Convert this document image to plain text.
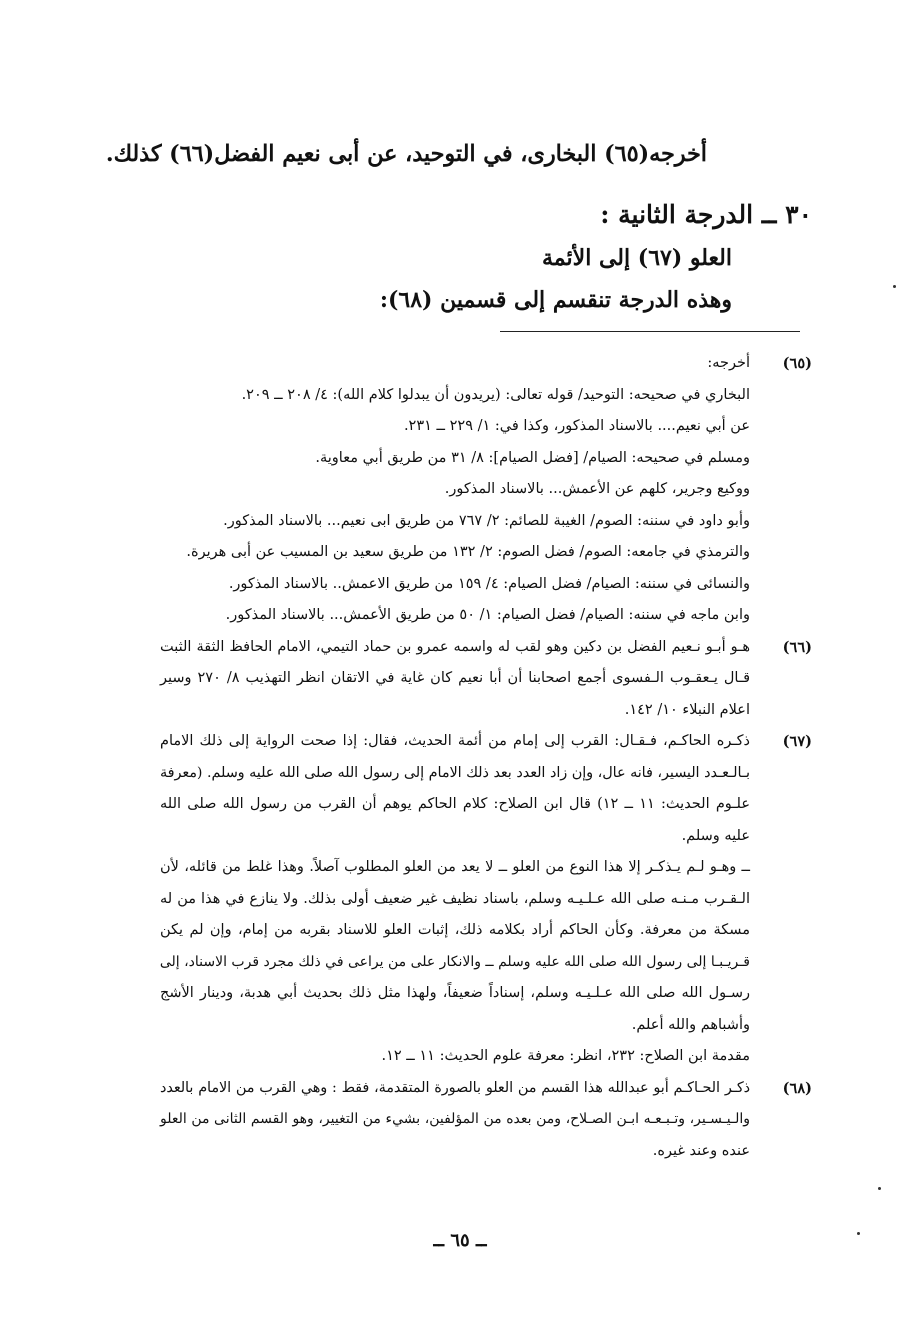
أخرجه(٦٥) البخارى، في التوحيد، عن أبى نعيم الفضل(٦٦) كذلك.
٣٠ ــ الدرجة الثانية :
العلو (٦٧) إلى الأئمة
وهذه الدرجة تنقسم إلى قسمين (٦٨):
(٦٥)
أخرجه:
البخاري في صحيحه: التوحيد/ قوله تعالى: (يريدون أن يبدلوا كلام الله): ٤/ ٢٠٨ ــ ٢٠٩.
عن أبي نعيم.... بالاسناد المذكور، وكذا في: ١/ ٢٢٩ ــ ٢٣١.
ومسلم في صحيحه: الصيام/ [فضل الصيام]: ٨/ ٣١ من طريق أبي معاوية.
ووكيع وجرير، كلهم عن الأعمش... بالاسناد المذكور.
وأبو داود في سننه: الصوم/ الغيبة للصائم: ٢/ ٧٦٧ من طريق ابى نعيم... بالاسناد المذكور.
والترمذي في جامعه: الصوم/ فضل الصوم: ٢/ ١٣٢ من طريق سعيد بن المسيب عن أبى هريرة.
والنسائى في سننه: الصيام/ فضل الصيام: ٤/ ١٥٩ من طريق الاعمش.. بالاسناد المذكور.
وابن ماجه في سننه: الصيام/ فضل الصيام: ١/ ٥٠ من طريق الأعمش... بالاسناد المذكور.
(٦٦)
هـو أبـو نـعيم الفضل بن دكين وهو لقب له واسمه عمرو بن حماد التيمي، الامام الحافظ الثقة الثبت
قـال يـعقـوب الـفسوى أجمع اصحابنا أن أبا نعيم كان غاية في الاتقان انظر التهذيب ٨/ ٢٧٠ وسير
اعلام النبلاء ١٠/ ١٤٢.
(٦٧)
ذكـره الحاكـم، فـقـال: القرب إلى إمام من أئمة الحديث، فقال: إذا صحت الرواية إلى ذلك الامام
بـالـعـدد اليسير، فانه عال، وإن زاد العدد بعد ذلك الامام إلى رسول الله صلى الله عليه وسلم. (معرفة
علـوم الحديث: ١١ ــ ١٢) قال ابن الصلاح: كلام الحاكم يوهم أن القرب من رسول الله صلى الله
عليه وسلم.
ــ وهـو لـم يـذكـر إلا هذا النوع من العلو ــ لا يعد من العلو المطلوب آصلاً. وهذا غلط من قائله، لأن
الـقـرب مـنـه صلى الله عـلـيـه وسلم، باسناد نظيف غير ضعيف أولى بذلك. ولا ينازع في هذا من له
مسكة من معرفة. وكأن الحاكم أراد بكلامه ذلك، إثبات العلو للاسناد بقربه من إمام، وإن لم يكن
قـريـبـا إلى رسول الله صلى الله عليه وسلم ــ والانكار على من يراعى في ذلك مجرد قرب الاسناد، إلى
رسـول الله صلى الله عـلـيـه وسلم، إسناداً ضعيفاً، ولهذا مثل ذلك بحديث أبي هدبة، ودينار الأشج
وأشباهم والله أعلم.
مقدمة ابن الصلاح: ٢٣٢، انظر: معرفة علوم الحديث: ١١ ــ ١٢.
(٦٨)
ذكـر الحـاكـم أبو عبدالله هذا القسم من العلو بالصورة المتقدمة، فقط : وهي القرب من الامام بالعدد
والـيـسـير، وتـبـعـه ابـن الصـلاح، ومن بعده من المؤلفين، بشيء من التغيير، وهو القسم الثانى من العلو
عنده وعند غيره.
ــ ٦٥ ــ
